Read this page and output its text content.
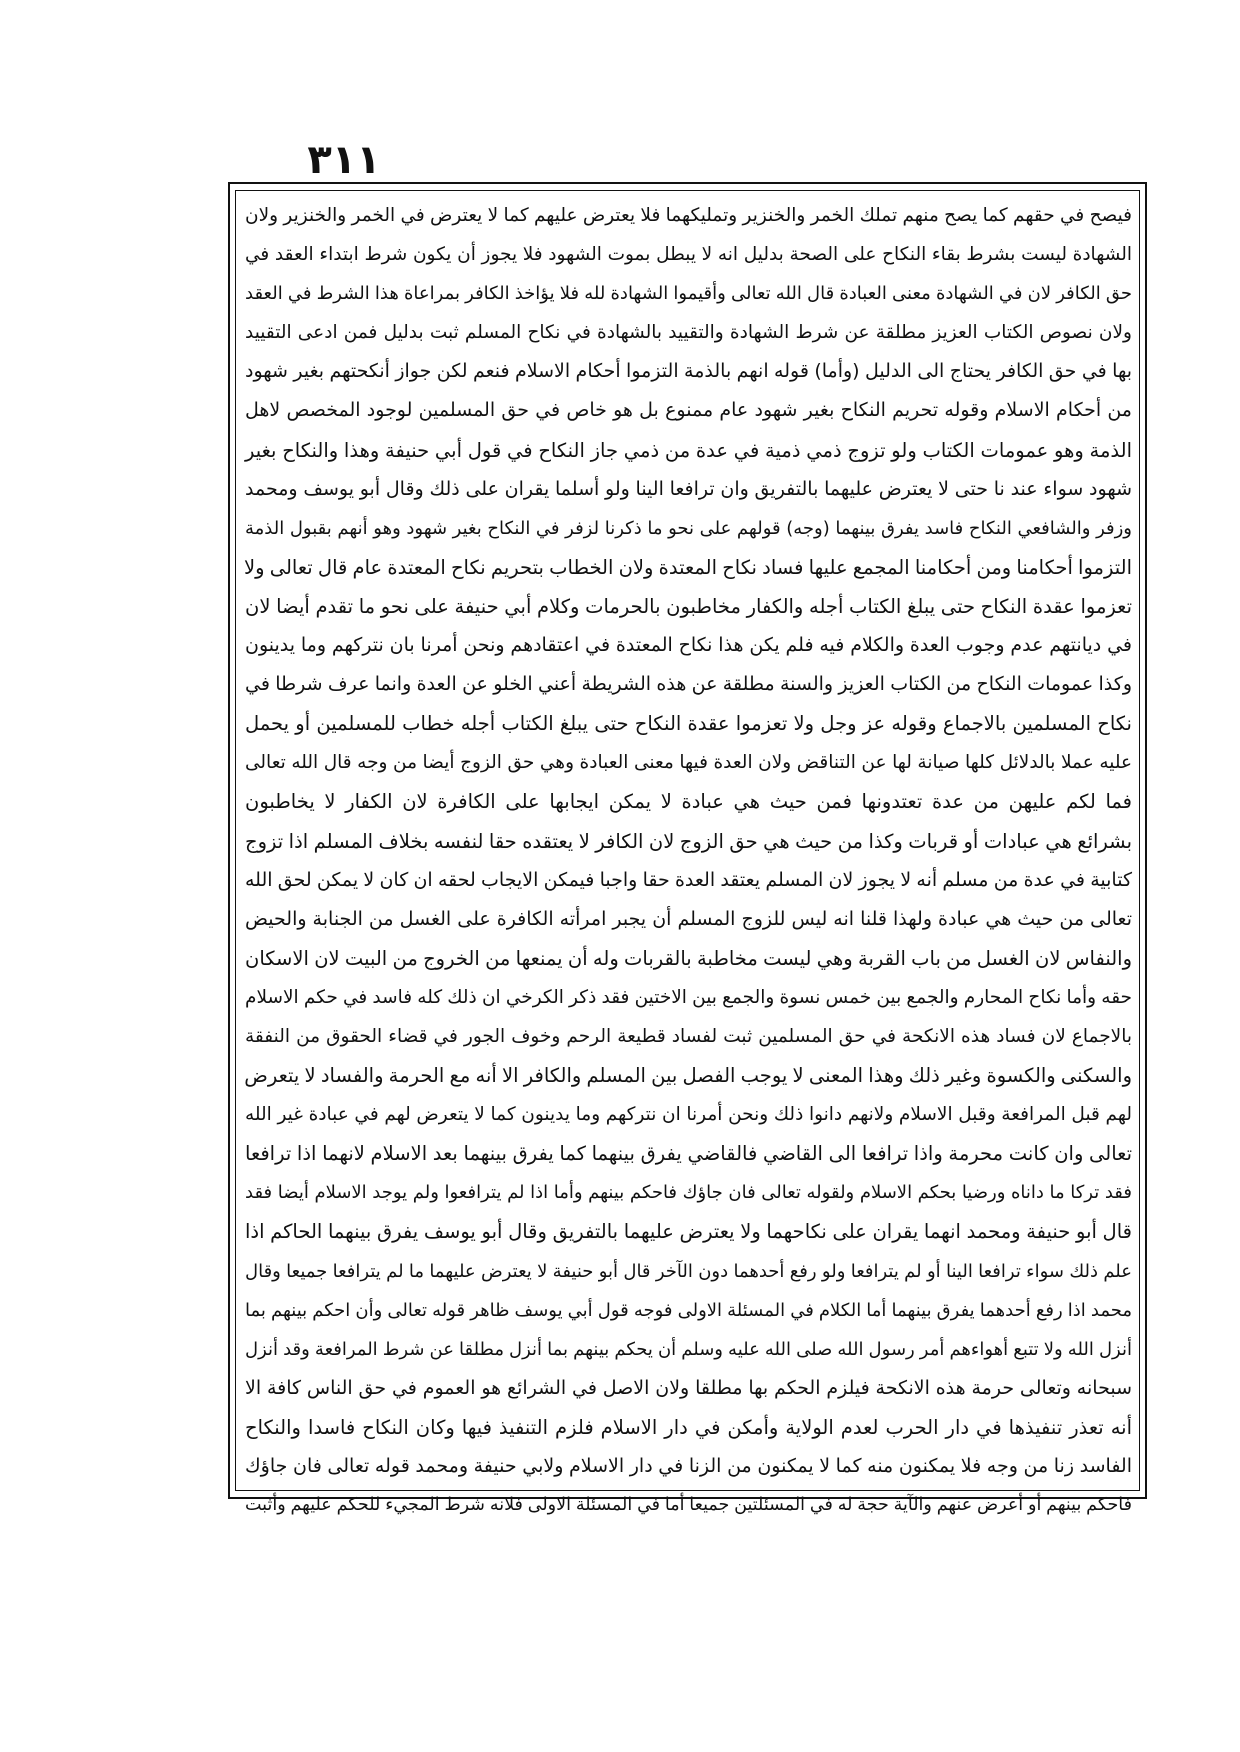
٣١١
فيصح في حقهم كما يصح منهم تملك الخمر والخنزير وتمليكهما فلا يعترض عليهم كما لا يعترض في الخمر والخنزير ولان
الشهادة ليست بشرط بقاء النكاح على الصحة بدليل انه لا يبطل بموت الشهود فلا يجوز أن يكون شرط ابتداء العقد في
حق الكافر لان في الشهادة معنى العبادة قال الله تعالى وأقيموا الشهادة لله فلا يؤاخذ الكافر بمراعاة هذا الشرط في العقد
ولان نصوص الكتاب العزيز مطلقة عن شرط الشهادة والتقييد بالشهادة في نكاح المسلم ثبت بدليل فمن ادعى التقييد
بها في حق الكافر يحتاج الى الدليل (وأما) قوله انهم بالذمة التزموا أحكام الاسلام فنعم لكن جواز أنكحتهم بغير شهود
من أحكام الاسلام وقوله تحريم النكاح بغير شهود عام ممنوع بل هو خاص في حق المسلمين لوجود المخصص لاهل
الذمة وهو عمومات الكتاب ولو تزوج ذمي ذمية في عدة من ذمي جاز النكاح في قول أبي حنيفة وهذا والنكاح بغير
شهود سواء عند نا حتى لا يعترض عليهما بالتفريق وان ترافعا الينا ولو أسلما يقران على ذلك وقال أبو يوسف ومحمد
وزفر والشافعي النكاح فاسد يفرق بينهما (وجه) قولهم على نحو ما ذكرنا لزفر في النكاح بغير شهود وهو أنهم بقبول الذمة
التزموا أحكامنا ومن أحكامنا المجمع عليها فساد نكاح المعتدة ولان الخطاب بتحريم نكاح المعتدة عام قال تعالى ولا
تعزموا عقدة النكاح حتى يبلغ الكتاب أجله والكفار مخاطبون بالحرمات وكلام أبي حنيفة على نحو ما تقدم أيضا لان
في ديانتهم عدم وجوب العدة والكلام فيه فلم يكن هذا نكاح المعتدة في اعتقادهم ونحن أمرنا بان نتركهم وما يدينون
وكذا عمومات النكاح من الكتاب العزيز والسنة مطلقة عن هذه الشريطة أعني الخلو عن العدة وانما عرف شرطا في
نكاح المسلمين بالاجماع وقوله عز وجل ولا تعزموا عقدة النكاح حتى يبلغ الكتاب أجله خطاب للمسلمين أو يحمل
عليه عملا بالدلائل كلها صيانة لها عن التناقض ولان العدة فيها معنى العبادة وهي حق الزوج أيضا من وجه قال الله تعالى
فما لكم عليهن من عدة تعتدونها فمن حيث هي عبادة لا يمكن ايجابها على الكافرة لان الكفار لا يخاطبون
بشرائع هي عبادات أو قربات وكذا من حيث هي حق الزوج لان الكافر لا يعتقده حقا لنفسه بخلاف المسلم اذا تزوج
كتابية في عدة من مسلم أنه لا يجوز لان المسلم يعتقد العدة حقا واجبا فيمكن الايجاب لحقه ان كان لا يمكن لحق الله
تعالى من حيث هي عبادة ولهذا قلنا انه ليس للزوج المسلم أن يجبر امرأته الكافرة على الغسل من الجنابة والحيض
والنفاس لان الغسل من باب القربة وهي ليست مخاطبة بالقربات وله أن يمنعها من الخروج من البيت لان الاسكان
حقه وأما نكاح المحارم والجمع بين خمس نسوة والجمع بين الاختين فقد ذكر الكرخي ان ذلك كله فاسد في حكم الاسلام
بالاجماع لان فساد هذه الانكحة في حق المسلمين ثبت لفساد قطيعة الرحم وخوف الجور في قضاء الحقوق من النفقة
والسكنى والكسوة وغير ذلك وهذا المعنى لا يوجب الفصل بين المسلم والكافر الا أنه مع الحرمة والفساد لا يتعرض
لهم قبل المرافعة وقبل الاسلام ولانهم دانوا ذلك ونحن أمرنا ان نتركهم وما يدينون كما لا يتعرض لهم في عبادة غير الله
تعالى وان كانت محرمة واذا ترافعا الى القاضي فالقاضي يفرق بينهما كما يفرق بينهما بعد الاسلام لانهما اذا ترافعا
فقد تركا ما داناه ورضيا بحكم الاسلام ولقوله تعالى فان جاؤك فاحكم بينهم وأما اذا لم يترافعوا ولم يوجد الاسلام أيضا فقد
قال أبو حنيفة ومحمد انهما يقران على نكاحهما ولا يعترض عليهما بالتفريق وقال أبو يوسف يفرق بينهما الحاكم اذا
علم ذلك سواء ترافعا الينا أو لم يترافعا ولو رفع أحدهما دون الآخر قال أبو حنيفة لا يعترض عليهما ما لم يترافعا جميعا وقال
محمد اذا رفع أحدهما يفرق بينهما أما الكلام في المسئلة الاولى فوجه قول أبي يوسف ظاهر قوله تعالى وأن احكم بينهم بما
أنزل الله ولا تتبع أهواءهم أمر رسول الله صلى الله عليه وسلم أن يحكم بينهم بما أنزل مطلقا عن شرط المرافعة وقد أنزل
سبحانه وتعالى حرمة هذه الانكحة فيلزم الحكم بها مطلقا ولان الاصل في الشرائع هو العموم في حق الناس كافة الا
أنه تعذر تنفيذها في دار الحرب لعدم الولاية وأمكن في دار الاسلام فلزم التنفيذ فيها وكان النكاح فاسدا والنكاح
الفاسد زنا من وجه فلا يمكنون منه كما لا يمكنون من الزنا في دار الاسلام ولابي حنيفة ومحمد قوله تعالى فان جاؤك
فاحكم بينهم أو أعرض عنهم والآية حجة له في المسئلتين جميعا أما في المسئلة الاولى فلانه شرط المجيء للحكم عليهم وأثبت
